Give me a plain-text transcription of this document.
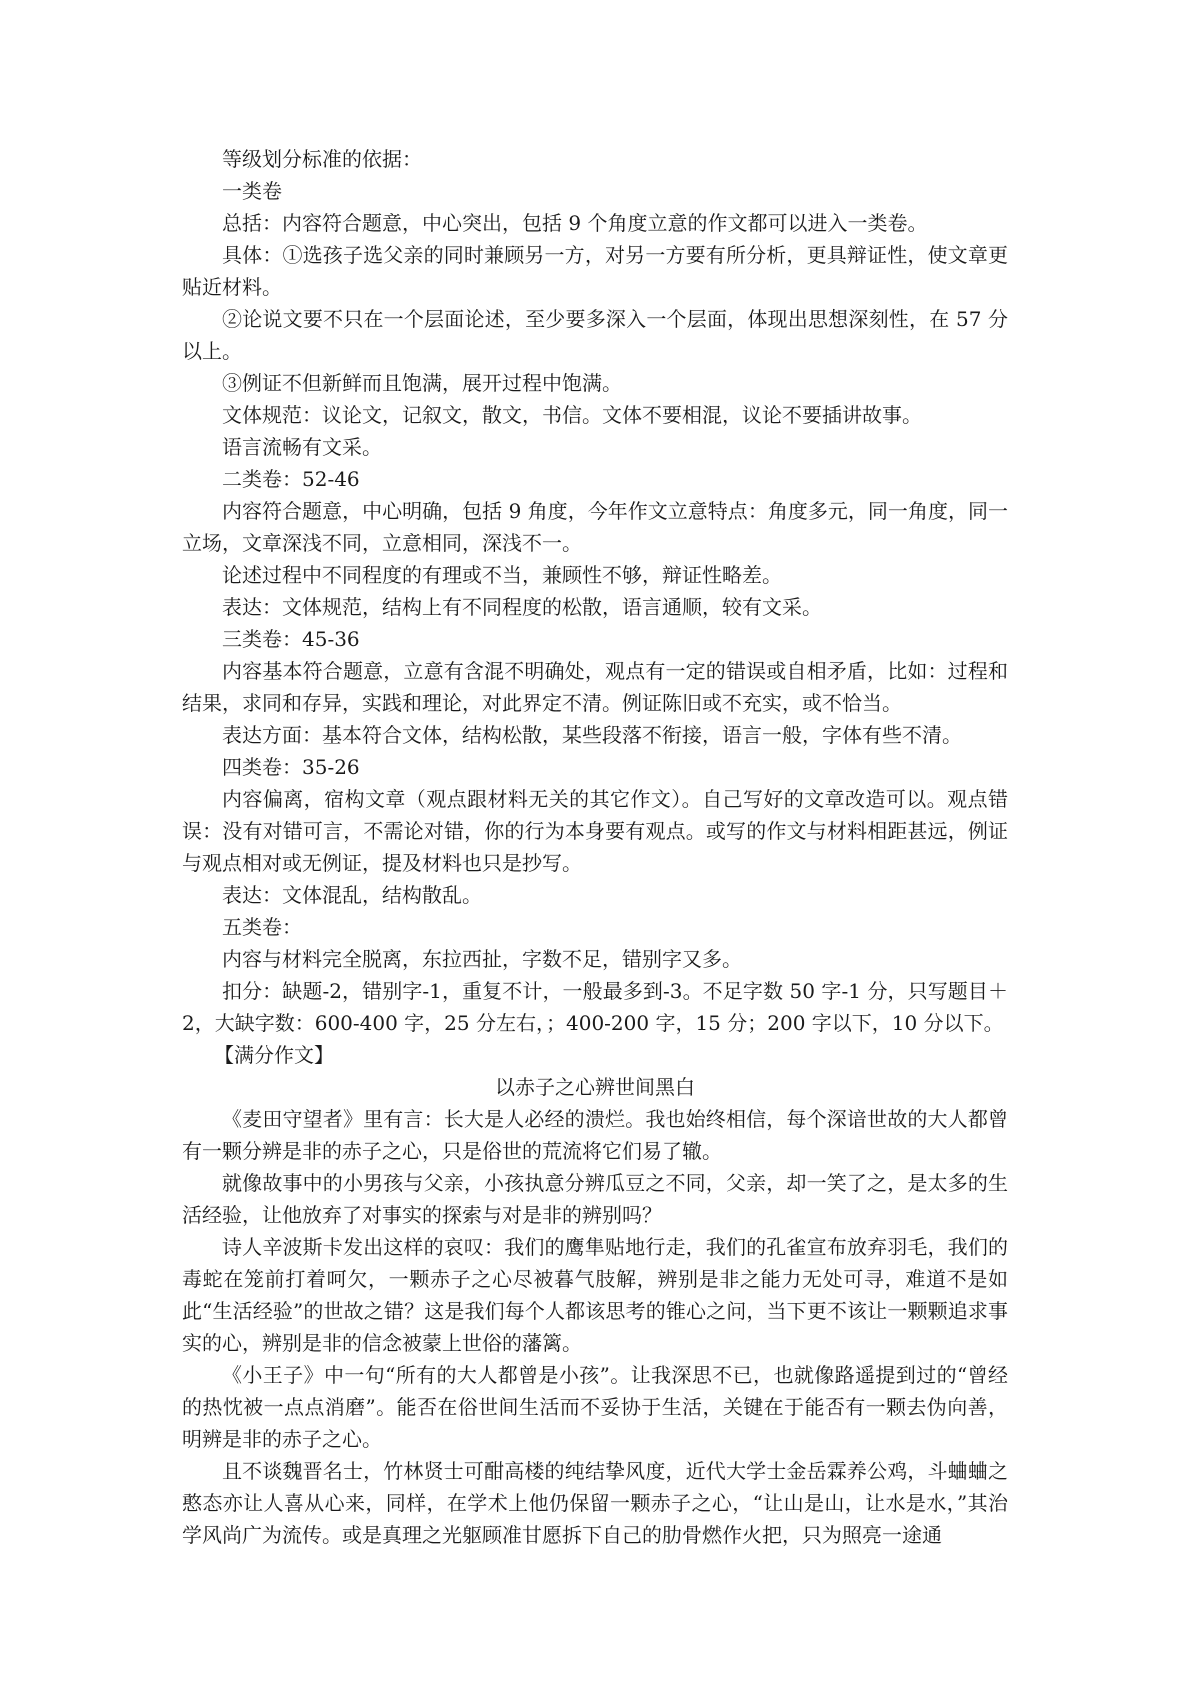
等级划分标准的依据：

一类卷

总括：内容符合题意，中心突出，包括 9 个角度立意的作文都可以进入一类卷。

具体：①选孩子选父亲的同时兼顾另一方，对另一方要有所分析，更具辩证性，使文章更贴近材料。

②论说文要不只在一个层面论述，至少要多深入一个层面，体现出思想深刻性，在 57 分以上。

③例证不但新鲜而且饱满，展开过程中饱满。

文体规范：议论文，记叙文，散文，书信。文体不要相混，议论不要插讲故事。

语言流畅有文采。

二类卷：52-46

内容符合题意，中心明确，包括 9 角度，今年作文立意特点：角度多元，同一角度，同一立场，文章深浅不同，立意相同，深浅不一。

论述过程中不同程度的有理或不当，兼顾性不够，辩证性略差。

表达：文体规范，结构上有不同程度的松散，语言通顺，较有文采。

三类卷：45-36

内容基本符合题意，立意有含混不明确处，观点有一定的错误或自相矛盾，比如：过程和结果，求同和存异，实践和理论，对此界定不清。例证陈旧或不充实，或不恰当。

表达方面：基本符合文体，结构松散，某些段落不衔接，语言一般，字体有些不清。

四类卷：35-26

内容偏离，宿构文章（观点跟材料无关的其它作文）。自己写好的文章改造可以。观点错误：没有对错可言，不需论对错，你的行为本身要有观点。或写的作文与材料相距甚远，例证与观点相对或无例证，提及材料也只是抄写。

表达：文体混乱，结构散乱。

五类卷：

内容与材料完全脱离，东拉西扯，字数不足，错别字又多。

扣分：缺题-2，错别字-1，重复不计，一般最多到-3。不足字数 50 字-1 分，只写题目＋2，大缺字数：600-400 字，25 分左右，；400-200 字，15 分；200 字以下，10 分以下。

【满分作文】

以赤子之心辨世间黑白

《麦田守望者》里有言：长大是人必经的溃烂。我也始终相信，每个深谙世故的大人都曾有一颗分辨是非的赤子之心，只是俗世的荒流将它们易了辙。

就像故事中的小男孩与父亲，小孩执意分辨瓜豆之不同，父亲，却一笑了之，是太多的生活经验，让他放弃了对事实的探索与对是非的辨别吗？

诗人辛波斯卡发出这样的哀叹：我们的鹰隼贴地行走，我们的孔雀宣布放弃羽毛，我们的毒蛇在笼前打着呵欠，一颗赤子之心尽被暮气肢解，辨别是非之能力无处可寻，难道不是如此“生活经验”的世故之错？这是我们每个人都该思考的锥心之问，当下更不该让一颗颗追求事实的心，辨别是非的信念被蒙上世俗的藩篱。

《小王子》中一句“所有的大人都曾是小孩”。让我深思不已，也就像路遥提到过的“曾经的热忱被一点点消磨”。能否在俗世间生活而不妥协于生活，关键在于能否有一颗去伪向善，明辨是非的赤子之心。

且不谈魏晋名士，竹林贤士可酣高楼的纯结挚风度，近代大学士金岳霖养公鸡，斗蛐蛐之憨态亦让人喜从心来，同样，在学术上他仍保留一颗赤子之心，“让山是山，让水是水，”其治学风尚广为流传。或是真理之光躯顾准甘愿拆下自己的肋骨燃作火把，只为照亮一途通
